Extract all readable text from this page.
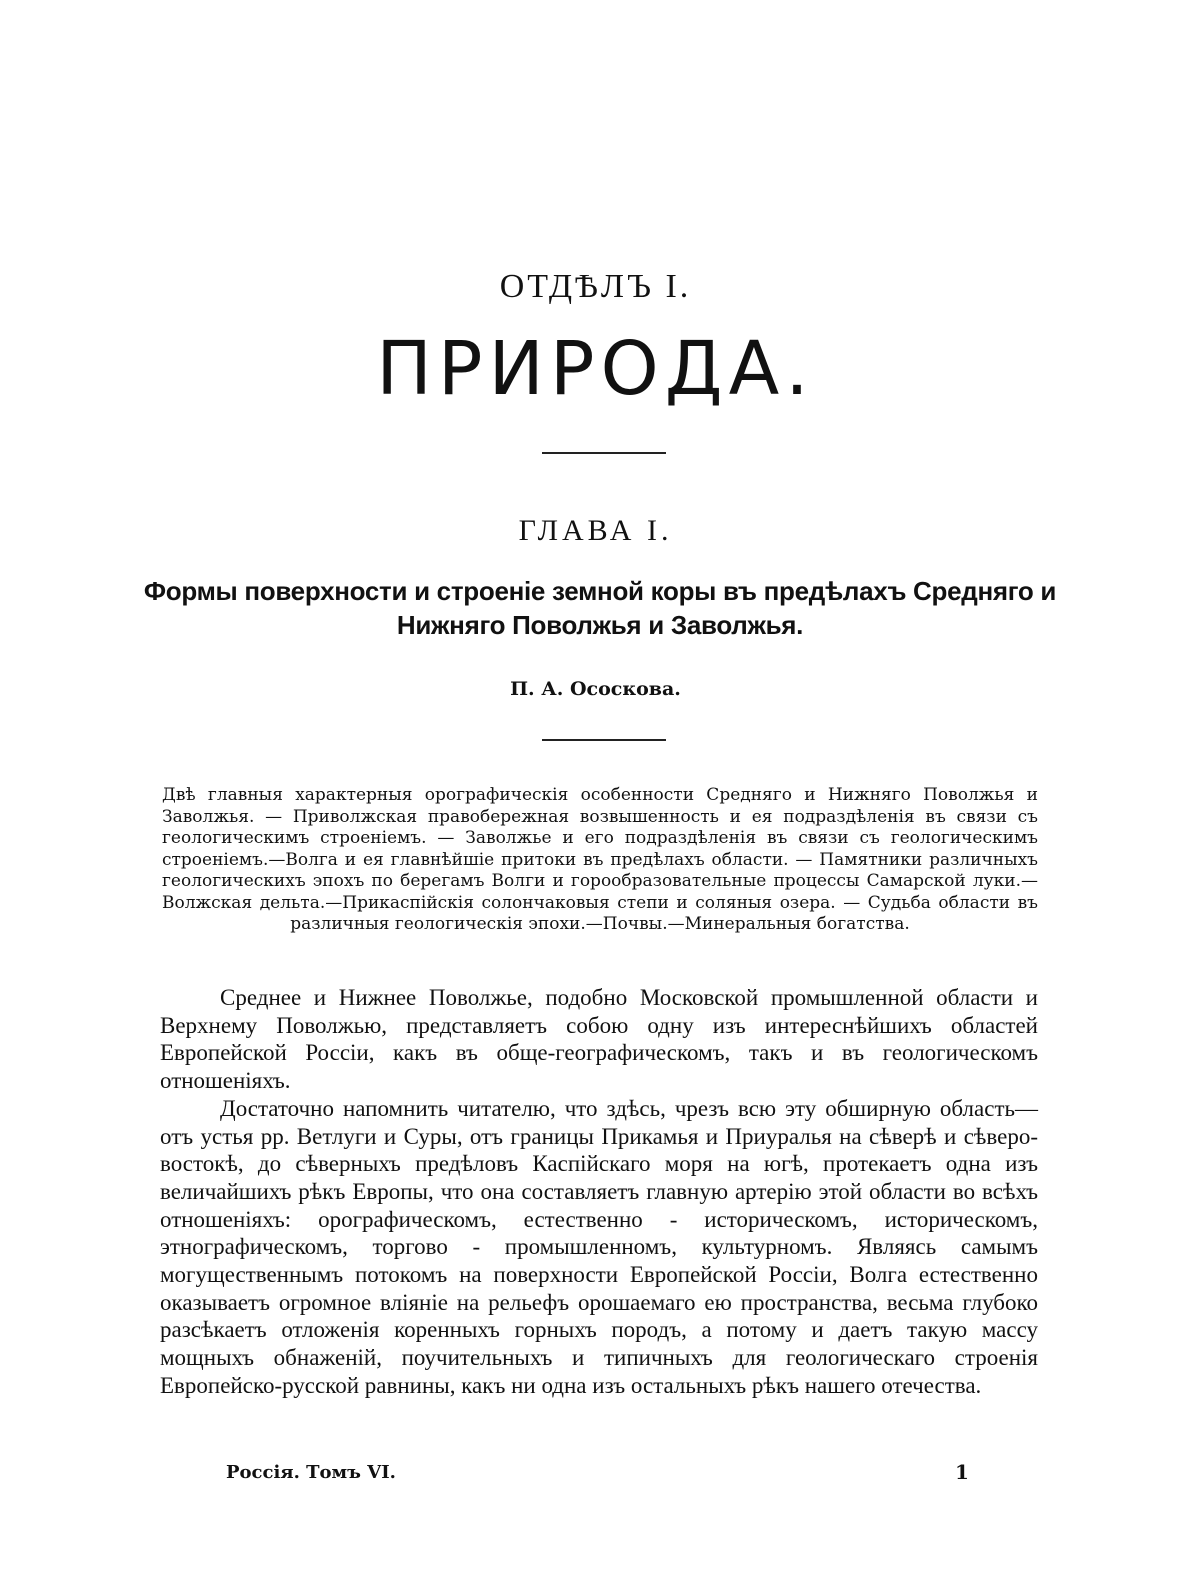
ОТДѢЛЪ I.
ПРИРОДА.
ГЛАВА I.
Формы поверхности и строеніе земной коры въ предѣлахъ Средняго и Нижняго Поволжья и Заволжья.
П. А. Ососкова.
Двѣ главныя характерныя орографическія особенности Средняго и Нижняго Поволжья и Заволжья. — Приволжская правобережная возвышенность и ея подраздѣленія въ связи съ геологическимъ строеніемъ. — Заволжье и его подраздѣленія въ связи съ геологическимъ строеніемъ.—Волга и ея главнѣйшіе притоки въ предѣлахъ области. — Памятники различныхъ геологическихъ эпохъ по берегамъ Волги и горообразовательные процессы Самарской луки.—Волжская дельта.—Прикаспійскія солончаковыя степи и соляныя озера. — Судьба области въ различныя геологическія эпохи.—Почвы.—Минеральныя богатства.

Среднее и Нижнее Поволжье, подобно Московской промышленной области и Верхнему Поволжью, представляетъ собою одну изъ интереснѣйшихъ областей Европейской Россіи, какъ въ обще-географическомъ, такъ и въ геологическомъ отношеніяхъ.

Достаточно напомнить читателю, что здѣсь, чрезъ всю эту обширную область—отъ устья рр. Ветлуги и Суры, отъ границы Прикамья и Приуралья на сѣверѣ и сѣверо-востокѣ, до сѣверныхъ предѣловъ Каспійскаго моря на югѣ, протекаетъ одна изъ величайшихъ рѣкъ Европы, что она составляетъ главную артерію этой области во всѣхъ отношеніяхъ: орографическомъ, естественно - историческомъ, историческомъ, этнографическомъ, торгово - промышленномъ, культурномъ. Являясь самымъ могущественнымъ потокомъ на поверхности Европейской Россіи, Волга естественно оказываетъ огромное вліяніе на рельефъ орошаемаго ею пространства, весьма глубоко разсѣкаетъ отложенія коренныхъ горныхъ породъ, а потому и даетъ такую массу мощныхъ обнаженій, поучительныхъ и типичныхъ для геологическаго строенія Европейско-русской равнины, какъ ни одна изъ остальныхъ рѣкъ нашего отечества.

Россія. Томъ VI.	1
